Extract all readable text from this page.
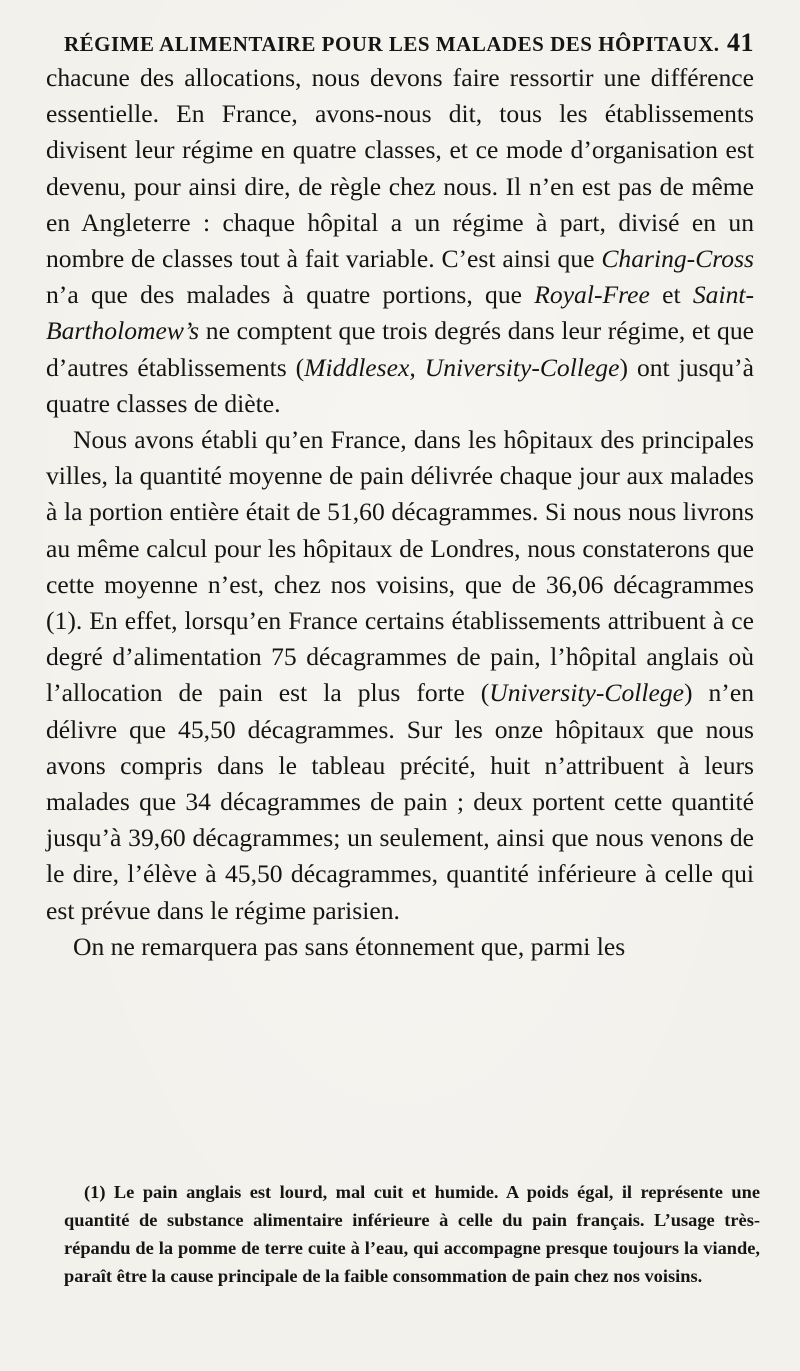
RÉGIME ALIMENTAIRE POUR LES MALADES DES HÔPITAUX. 41

chacune des allocations, nous devons faire ressortir une différence essentielle. En France, avons-nous dit, tous les établissements divisent leur régime en quatre classes, et ce mode d’organisation est devenu, pour ainsi dire, de règle chez nous. Il n’en est pas de même en Angleterre : chaque hôpital a un régime à part, divisé en un nombre de classes tout à fait variable. C’est ainsi que Charing-Cross n’a que des malades à quatre portions, que Royal-Free et Saint-Bartholomew’s ne comptent que trois degrés dans leur régime, et que d’autres établissements (Middlesex, University-College) ont jusqu’à quatre classes de diète.

Nous avons établi qu’en France, dans les hôpitaux des principales villes, la quantité moyenne de pain délivrée chaque jour aux malades à la portion entière était de 51,60 décagrammes. Si nous nous livrons au même calcul pour les hôpitaux de Londres, nous constaterons que cette moyenne n’est, chez nos voisins, que de 36,06 décagrammes (1). En effet, lorsqu’en France certains établissements attribuent à ce degré d’alimentation 75 décagrammes de pain, l’hôpital anglais où l’allocation de pain est la plus forte (University-College) n’en délivre que 45,50 décagrammes. Sur les onze hôpitaux que nous avons compris dans le tableau précité, huit n’attribuent à leurs malades que 34 décagrammes de pain ; deux portent cette quantité jusqu’à 39,60 décagrammes; un seulement, ainsi que nous venons de le dire, l’élève à 45,50 décagrammes, quantité inférieure à celle qui est prévue dans le régime parisien.

On ne remarquera pas sans étonnement que, parmi les

(1) Le pain anglais est lourd, mal cuit et humide. A poids égal, il représente une quantité de substance alimentaire inférieure à celle du pain français. L’usage très-répandu de la pomme de terre cuite à l’eau, qui accompagne presque toujours la viande, paraît être la cause principale de la faible consommation de pain chez nos voisins.
